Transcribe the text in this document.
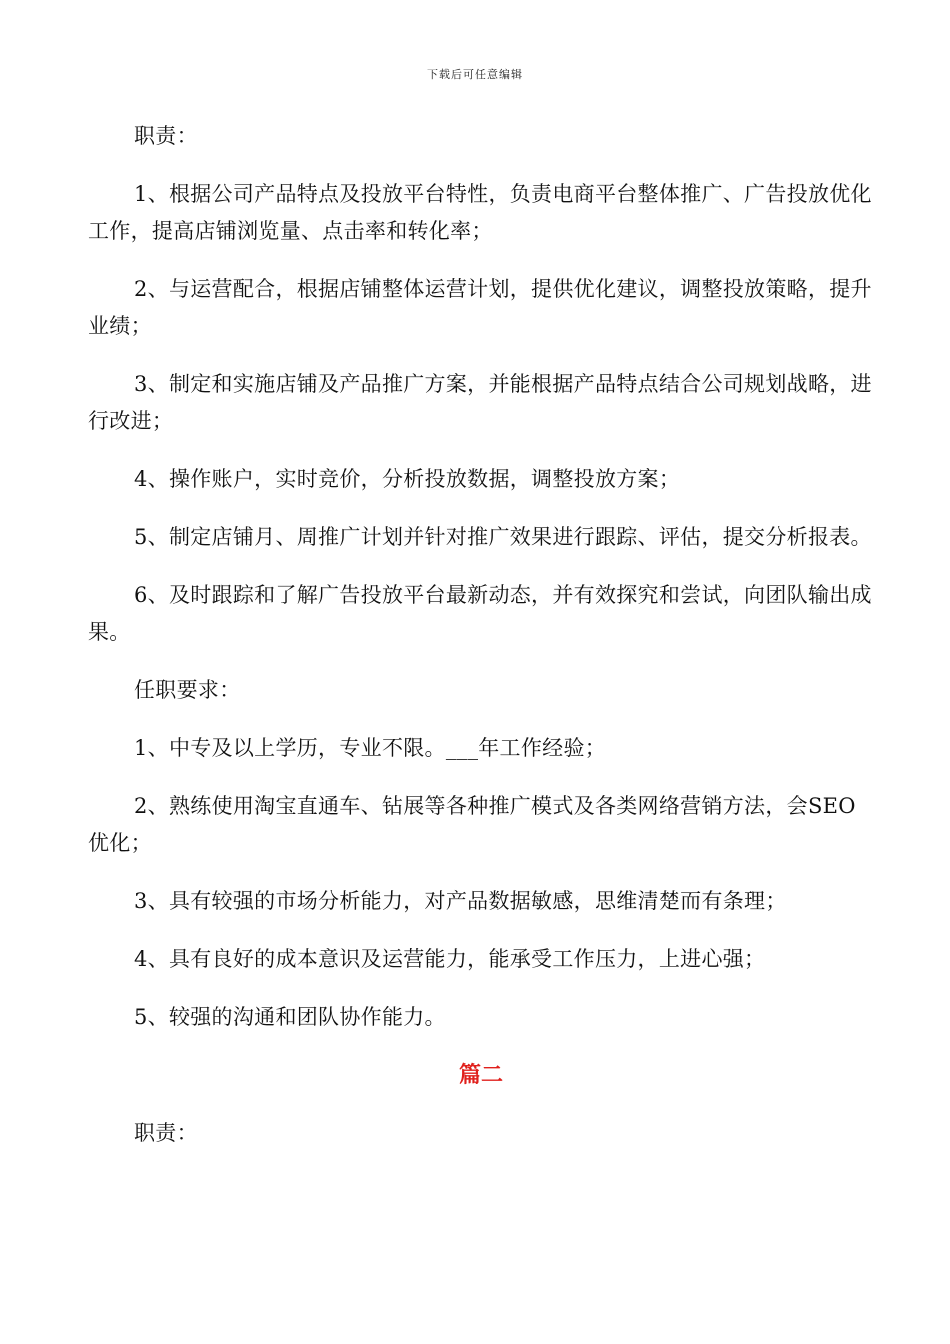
下载后可任意编辑

职责：

1、根据公司产品特点及投放平台特性，负责电商平台整体推广、广告投放优化工作，提高店铺浏览量、点击率和转化率；

2、与运营配合，根据店铺整体运营计划，提供优化建议，调整投放策略，提升业绩；

3、制定和实施店铺及产品推广方案，并能根据产品特点结合公司规划战略，进行改进；

4、操作账户，实时竞价，分析投放数据，调整投放方案；

5、制定店铺月、周推广计划并针对推广效果进行跟踪、评估，提交分析报表。

6、及时跟踪和了解广告投放平台最新动态，并有效探究和尝试，向团队输出成果。

任职要求：

1、中专及以上学历，专业不限。___年工作经验；

2、熟练使用淘宝直通车、钻展等各种推广模式及各类网络营销方法，会SEO优化；

3、具有较强的市场分析能力，对产品数据敏感，思维清楚而有条理；

4、具有良好的成本意识及运营能力，能承受工作压力，上进心强；

5、较强的沟通和团队协作能力。

篇二

职责：
